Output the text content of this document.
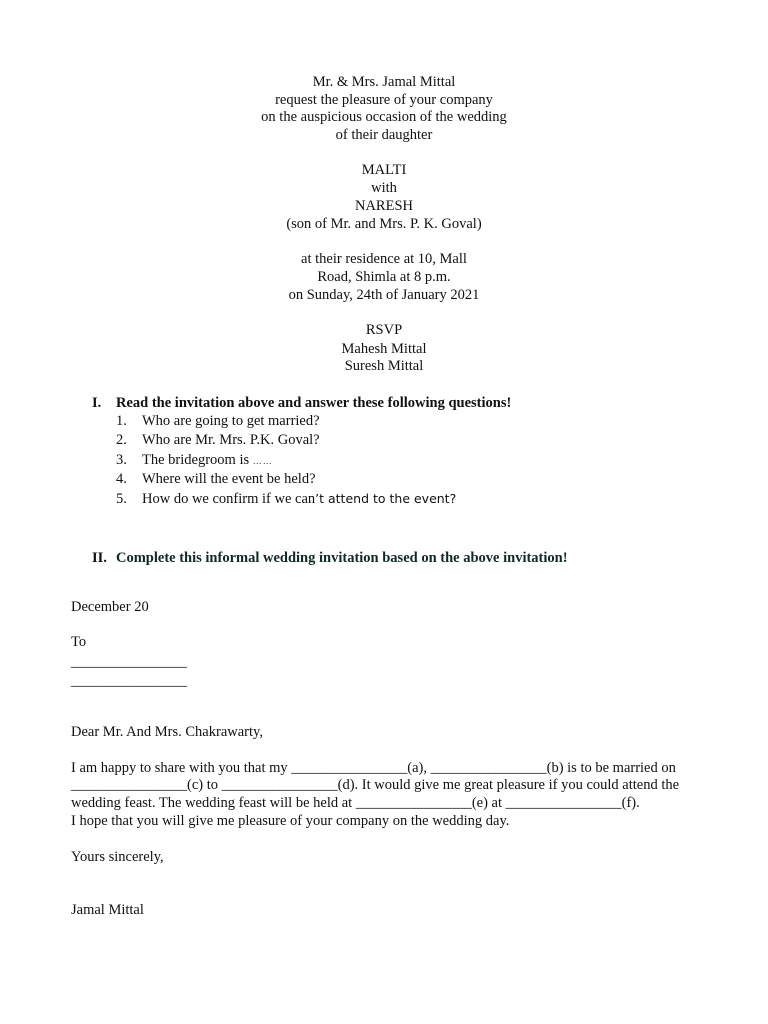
Mr. & Mrs. Jamal Mittal
request the pleasure of your company
on the auspicious occasion of the wedding
of their daughter
MALTI
with
NARESH
(son of Mr. and Mrs. P. K. Goval)
at their residence at 10, Mall
Road, Shimla at 8 p.m.
on Sunday, 24th of January 2021
RSVP
Mahesh Mittal
Suresh Mittal
I. Read the invitation above and answer these following questions!
1. Who are going to get married?
2. Who are Mr. Mrs. P.K. Goval?
3. The bridegroom is ……
4. Where will the event be held?
5. How do we confirm if we can’t attend to the event?
II. Complete this informal wedding invitation based on the above invitation!
December 20
To
________________
________________
Dear Mr. And Mrs. Chakrawarty,
I am happy to share with you that my ________________(a), ________________(b) is to be married on
________________(c) to ________________(d). It would give me great pleasure if you could attend the
wedding feast. The wedding feast will be held at ________________(e) at ________________(f).
I hope that you will give me pleasure of your company on the wedding day.
Yours sincerely,
Jamal Mittal
